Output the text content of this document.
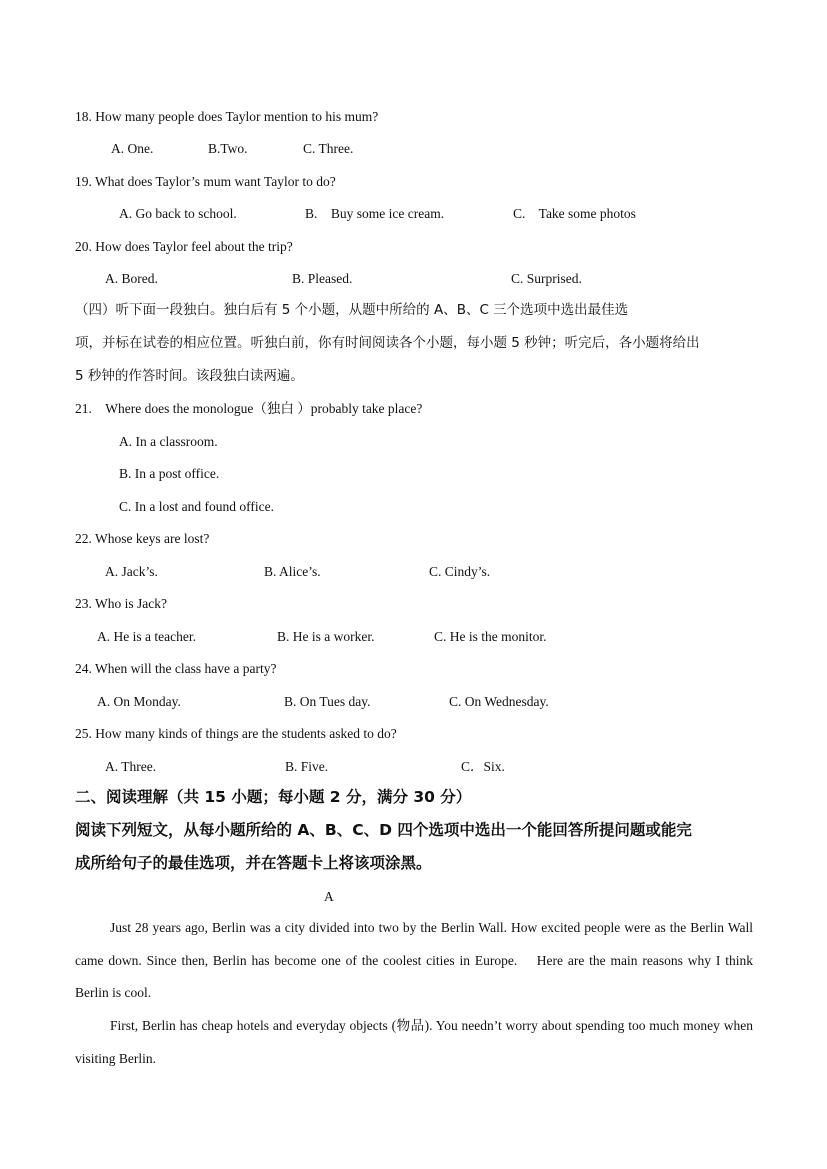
18. How many people does Taylor mention to his mum?
A. One.	B.Two.	C. Three.
19. What does Taylor’s mum want Taylor to do?
A. Go back to school.	B.    Buy some ice cream.	C.    Take some photos
20. How does Taylor feel about the trip?
A. Bored.	B. Pleased.	C. Surprised.
（四）听下面一段独白。独白后有 5 个小题，从题中所给的 A、B、C 三个选项中选出最佳选
项，并标在试卷的相应位置。听独白前，你有时间阅读各个小题，每小题 5 秒钟；听完后，各小题将给出
5 秒钟的作答时间。该段独白读两遍。
21. Where does the monologue（独白 ）probably take place?
A. In a classroom.
B. In a post office.
C. In a lost and found office.
22. Whose keys are lost?
A. Jack’s.	B. Alice’s.	C. Cindy’s.
23. Who is Jack?
A. He is a teacher.	B. He is a worker.	C. He is the monitor.
24. When will the class have a party?
A. On Monday.	B. On Tues day.	C. On Wednesday.
25. How many kinds of things are the students asked to do?
A. Three.	B. Five.	C．Six.
二、阅读理解（共 15 小题；每小题 2 分，满分 30 分）
阅读下列短文，从每小题所给的 A、B、C、D 四个选项中选出一个能回答所提问题或能完
成所给句子的最佳选项，并在答题卡上将该项涂黑。
A
Just 28 years ago, Berlin was a city divided into two by the Berlin Wall. How excited people were as the Berlin Wall came down. Since then, Berlin has become one of the coolest cities in Europe.    Here are the main reasons why I think Berlin is cool.
First, Berlin has cheap hotels and everyday objects (物品). You needn’t worry about spending too much money when visiting Berlin.
